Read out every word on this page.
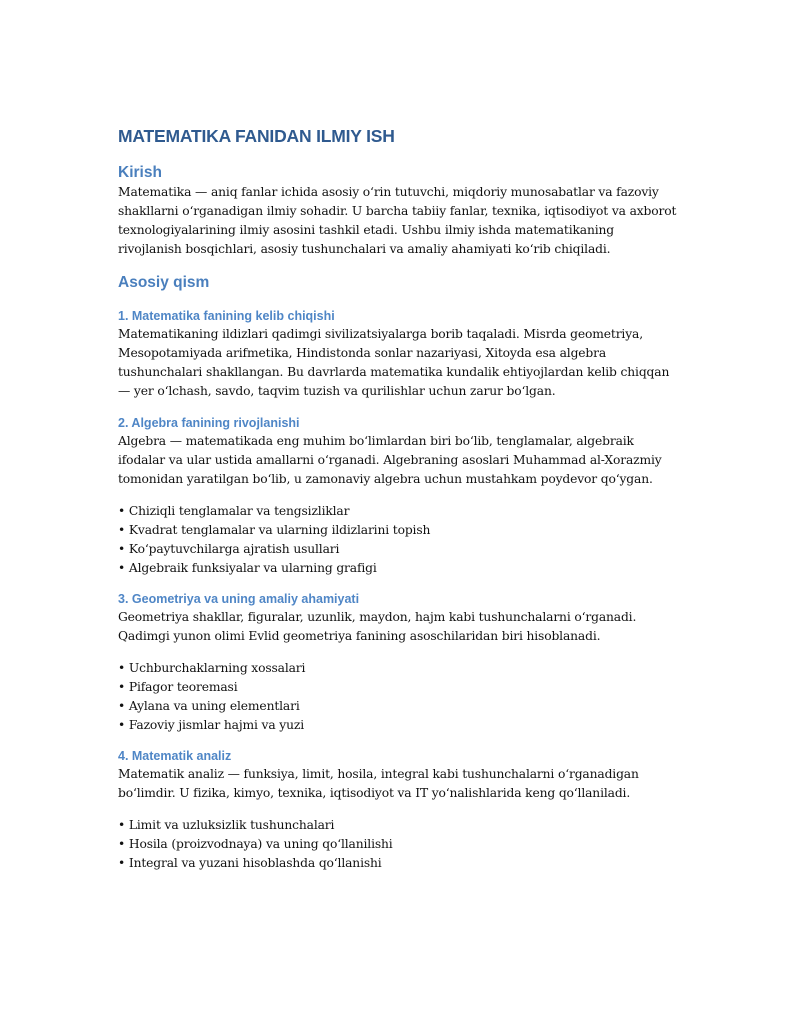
MATEMATIKA FANIDAN ILMIY ISH
Kirish

Matematika — aniq fanlar ichida asosiy o‘rin tutuvchi, miqdoriy munosabatlar va fazoviy shakllarni o‘rganadigan ilmiy sohadir. U barcha tabiiy fanlar, texnika, iqtisodiyot va axborot texnologiyalarining ilmiy asosini tashkil etadi. Ushbu ilmiy ishda matematikaning rivojlanish bosqichlari, asosiy tushunchalari va amaliy ahamiyati ko‘rib chiqiladi.

Asosiy qism
1. Matematika fanining kelib chiqishi

Matematikaning ildizlari qadimgi sivilizatsiyalarga borib taqaladi. Misrda geometriya, Mesopotamiyada arifmetika, Hindistonda sonlar nazariyasi, Xitoyda esa algebra tushunchalari shakllangan. Bu davrlarda matematika kundalik ehtiyojlardan kelib chiqqan — yer o‘lchash, savdo, taqvim tuzish va qurilishlar uchun zarur bo‘lgan.

2. Algebra fanining rivojlanishi

Algebra — matematikada eng muhim bo‘limlardan biri bo‘lib, tenglamalar, algebraik ifodalar va ular ustida amallarni o‘rganadi. Algebraning asoslari Muhammad al-Xorazmiy tomonidan yaratilgan bo‘lib, u zamonaviy algebra uchun mustahkam poydevor qo‘ygan.

• Chiziqli tenglamalar va tengsizliklar
• Kvadrat tenglamalar va ularning ildizlarini topish
• Ko‘paytuvchilarga ajratish usullari
• Algebraik funksiyalar va ularning grafigi
3. Geometriya va uning amaliy ahamiyati

Geometriya shakllar, figuralar, uzunlik, maydon, hajm kabi tushunchalarni o‘rganadi. Qadimgi yunon olimi Evlid geometriya fanining asoschilaridan biri hisoblanadi.

• Uchburchaklarning xossalari
• Pifagor teoremasi
• Aylana va uning elementlari
• Fazoviy jismlar hajmi va yuzi
4. Matematik analiz

Matematik analiz — funksiya, limit, hosila, integral kabi tushunchalarni o‘rganadigan bo‘limdir. U fizika, kimyo, texnika, iqtisodiyot va IT yo‘nalishlarida keng qo‘llaniladi.

• Limit va uzluksizlik tushunchalari
• Hosila (proizvodnaya) va uning qo‘llanilishi
• Integral va yuzani hisoblashda qo‘llanishi
